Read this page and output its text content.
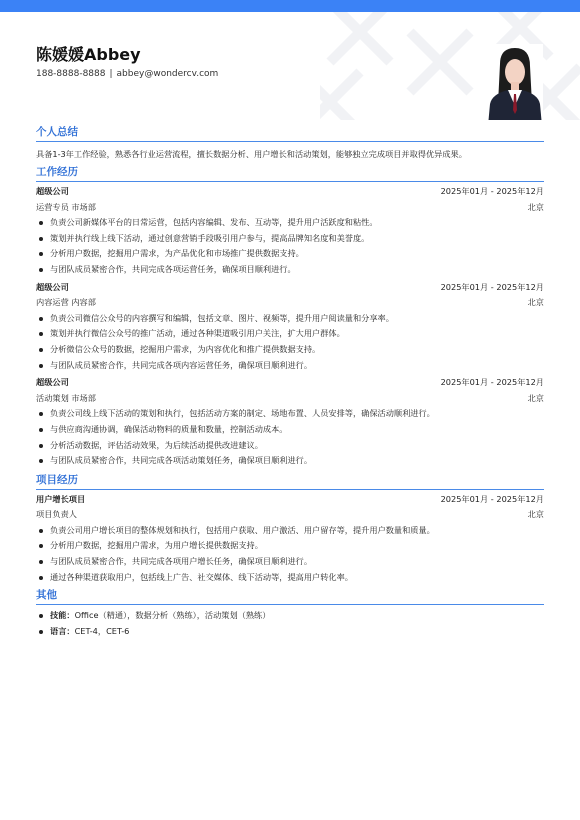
陈媛媛Abbey
188-8888-8888 | abbey@wondercv.com
个人总结
具备1-3年工作经验，熟悉各行业运营流程，擅长数据分析、用户增长和活动策划，能够独立完成项目并取得优异成果。
工作经历
超级公司	2025年01月 - 2025年12月
运营专员 市场部	北京
负责公司新媒体平台的日常运营，包括内容编辑、发布、互动等，提升用户活跃度和粘性。
策划并执行线上线下活动，通过创意营销手段吸引用户参与，提高品牌知名度和美誉度。
分析用户数据，挖掘用户需求，为产品优化和市场推广提供数据支持。
与团队成员紧密合作，共同完成各项运营任务，确保项目顺利进行。
超级公司	2025年01月 - 2025年12月
内容运营 内容部	北京
负责公司微信公众号的内容撰写和编辑，包括文章、图片、视频等，提升用户阅读量和分享率。
策划并执行微信公众号的推广活动，通过各种渠道吸引用户关注，扩大用户群体。
分析微信公众号的数据，挖掘用户需求，为内容优化和推广提供数据支持。
与团队成员紧密合作，共同完成各项内容运营任务，确保项目顺利进行。
超级公司	2025年01月 - 2025年12月
活动策划 市场部	北京
负责公司线上线下活动的策划和执行，包括活动方案的制定、场地布置、人员安排等，确保活动顺利进行。
与供应商沟通协调，确保活动物料的质量和数量，控制活动成本。
分析活动数据，评估活动效果，为后续活动提供改进建议。
与团队成员紧密合作，共同完成各项活动策划任务，确保项目顺利进行。
项目经历
用户增长项目	2025年01月 - 2025年12月
项目负责人	北京
负责公司用户增长项目的整体规划和执行，包括用户获取、用户激活、用户留存等，提升用户数量和质量。
分析用户数据，挖掘用户需求，为用户增长提供数据支持。
与团队成员紧密合作，共同完成各项用户增长任务，确保项目顺利进行。
通过各种渠道获取用户，包括线上广告、社交媒体、线下活动等，提高用户转化率。
其他
技能：Office（精通），数据分析（熟练），活动策划（熟练）
语言：CET-4，CET-6
